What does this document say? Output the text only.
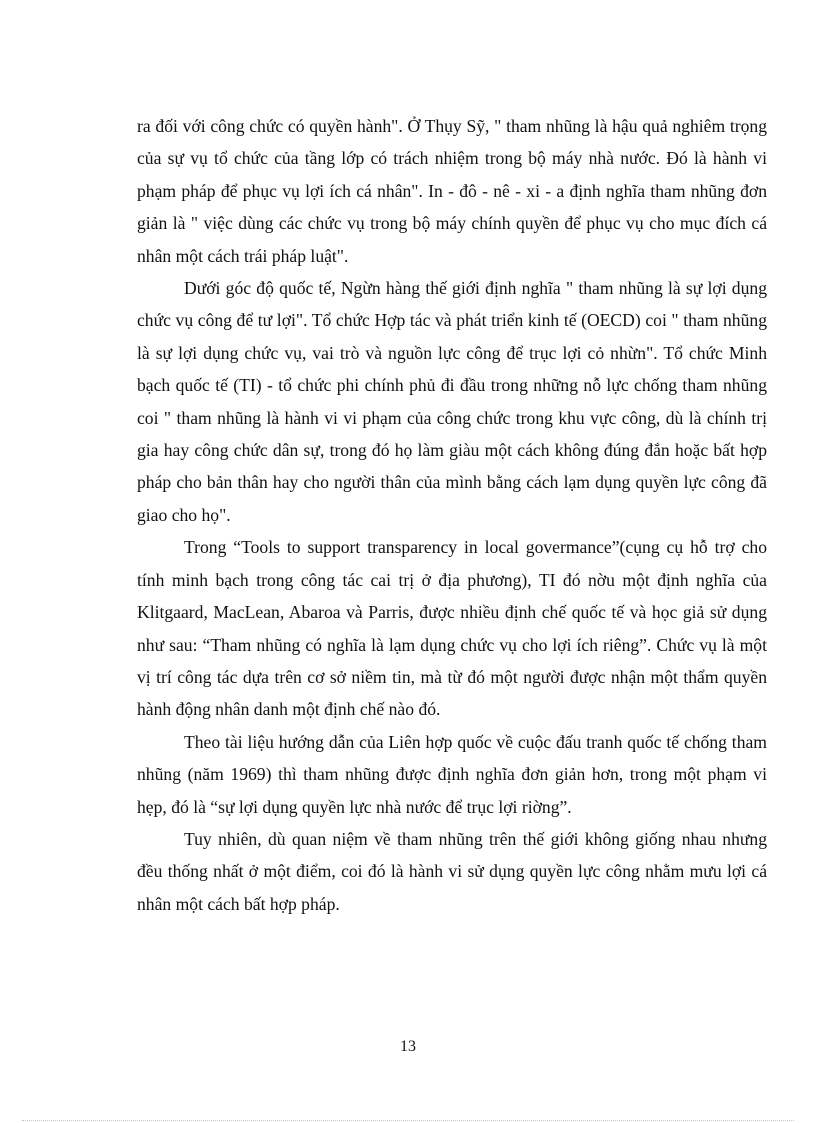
ra đối với công chức có quyền hành". Ở Thụy Sỹ, " tham nhũng là hậu quả nghiêm trọng của sự vụ tổ chức của tầng lớp có trách nhiệm trong bộ máy nhà nước. Đó là hành vi phạm pháp để phục vụ lợi ích cá nhân". In - đô - nê - xi - a định nghĩa tham nhũng đơn giản là " việc dùng các chức vụ trong bộ máy chính quyền để phục vụ cho mục đích cá nhân một cách trái pháp luật".

Dưới góc độ quốc tế, Ngừn hàng thế giới định nghĩa " tham nhũng là sự lợi dụng chức vụ công để tư lợi". Tổ chức Hợp tác và phát triển kinh tế (OECD) coi " tham nhũng là sự lợi dụng chức vụ, vai trò và nguồn lực công để trục lợi cỏ nhừn". Tổ chức Minh bạch quốc tế (TI) - tổ chức phi chính phủ đi đầu trong những nỗ lực chống tham nhũng coi " tham nhũng là hành vi vi phạm của công chức trong khu vực công, dù là chính trị gia hay công chức dân sự, trong đó họ làm giàu một cách không đúng đắn hoặc bất hợp pháp cho bản thân hay cho người thân của mình bằng cách lạm dụng quyền lực công đã giao cho họ".

Trong “Tools to support transparency in local govermance”(cụng cụ hỗ trợ cho tính minh bạch trong công tác cai trị ở địa phương), TI đó nờu một định nghĩa của Klitgaard, MacLean, Abaroa và Parris, được nhiều định chế quốc tế và học giả sử dụng như sau: “Tham nhũng có nghĩa là lạm dụng chức vụ cho lợi ích riêng”. Chức vụ là một vị trí công tác dựa trên cơ sở niềm tin, mà từ đó một người được nhận một thẩm quyền hành động nhân danh một định chế nào đó.

Theo tài liệu hướng dẫn của Liên hợp quốc về cuộc đấu tranh quốc tế chống tham nhũng (năm 1969) thì tham nhũng được định nghĩa đơn giản hơn, trong một phạm vi hẹp, đó là “sự lợi dụng quyền lực nhà nước để trục lợi riờng”.

Tuy nhiên, dù quan niệm về tham nhũng trên thế giới không giống nhau nhưng đều thống nhất ở một điểm, coi đó là hành vi sử dụng quyền lực công nhằm mưu lợi cá nhân một cách bất hợp pháp.

13
